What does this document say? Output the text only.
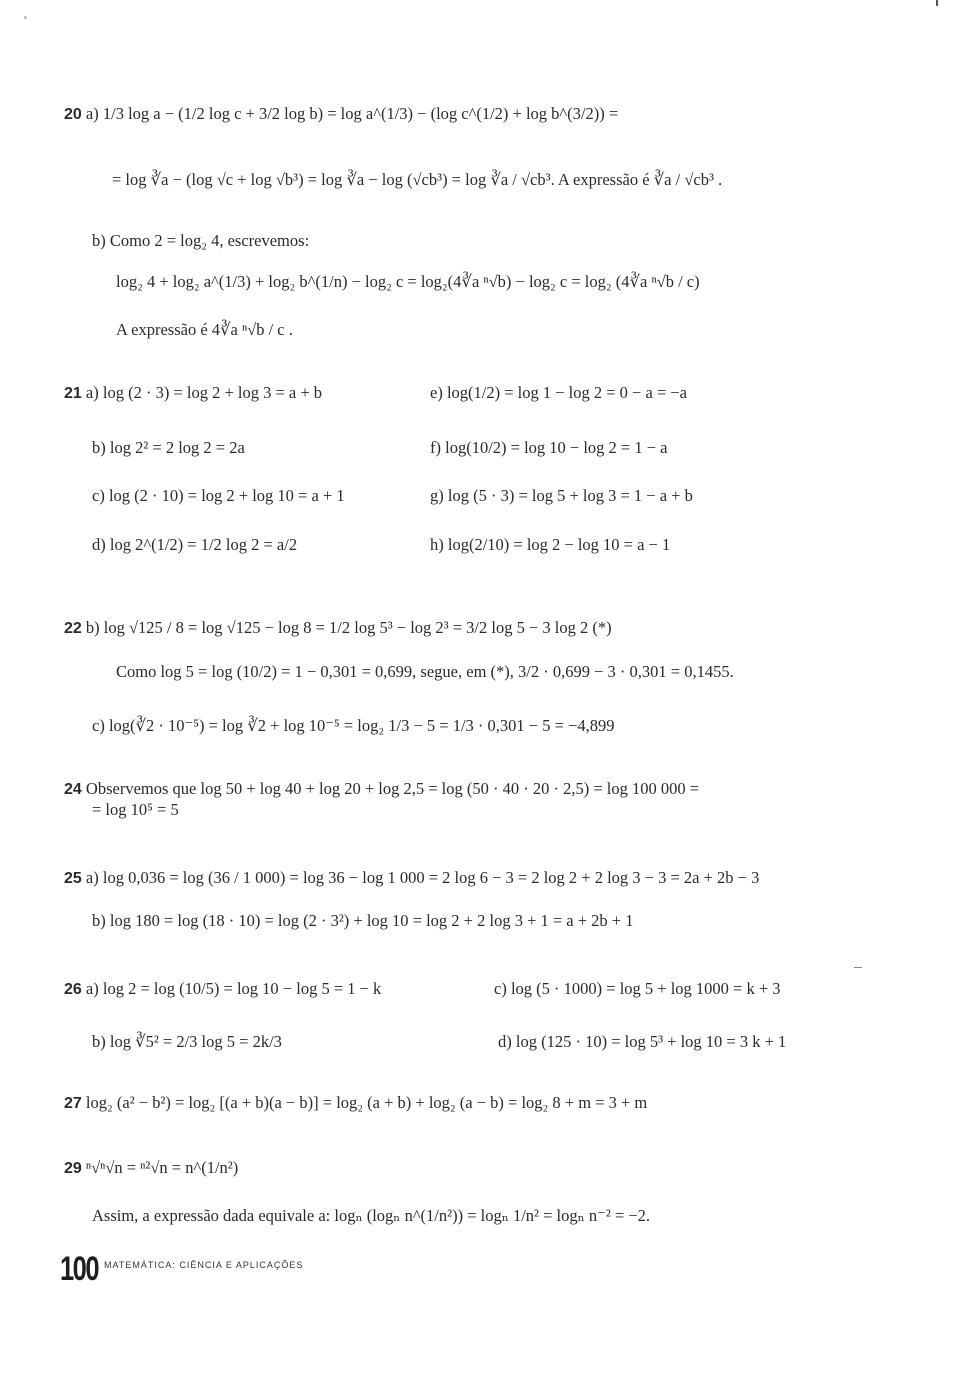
20 a) 1/3 log a − (1/2 log c + 3/2 log b) = log a^(1/3) − (log c^(1/2) + log b^(3/2)) =
= log ∛a − (log √c + log √b³) = log ∛a − log (√cb³) = log ∛a / √cb³. A expressão é ∛a / √cb³ .
b) Como 2 = log₂ 4, escrevemos:
log₂ 4 + log₂ a^(1/3) + log₂ b^(1/n) − log₂ c = log₂(4∛a ⁿ√b) − log₂ c = log₂ (4∛a ⁿ√b / c)
A expressão é 4∛a ⁿ√b / c .
21 a) log (2 · 3) = log 2 + log 3 = a + b	e) log(1/2) = log 1 − log 2 = 0 − a = −a
b) log 2² = 2 log 2 = 2a	f) log(10/2) = log 10 − log 2 = 1 − a
c) log (2 · 10) = log 2 + log 10 = a + 1	g) log (5 · 3) = log 5 + log 3 = 1 − a + b
d) log 2^(1/2) = 1/2 log 2 = a/2	h) log(2/10) = log 2 − log 10 = a − 1
22 b) log √125 / 8 = log √125 − log 8 = 1/2 log 5³ − log 2³ = 3/2 log 5 − 3 log 2 (*)
Como log 5 = log (10/2) = 1 − 0,301 = 0,699, segue, em (*), 3/2 · 0,699 − 3 · 0,301 = 0,1455.
c) log(∛2 · 10⁻⁵) = log ∛2 + log 10⁻⁵ = log₂ 1/3 − 5 = 1/3 · 0,301 − 5 = −4,899
24 Observemos que log 50 + log 40 + log 20 + log 2,5 = log (50 · 40 · 20 · 2,5) = log 100 000 =
= log 10⁵ = 5
25 a) log 0,036 = log (36 / 1 000) = log 36 − log 1 000 = 2 log 6 − 3 = 2 log 2 + 2 log 3 − 3 = 2a + 2b − 3
b) log 180 = log (18 · 10) = log (2 · 3²) + log 10 = log 2 + 2 log 3 + 1 = a + 2b + 1
26 a) log 2 = log (10/5) = log 10 − log 5 = 1 − k	c) log (5 · 1000) = log 5 + log 1000 = k + 3
b) log ∛5² = 2/3 log 5 = 2k/3	d) log (125 · 10) = log 5³ + log 10 = 3 k + 1
27 log₂ (a² − b²) = log₂ [(a + b)(a − b)] = log₂ (a + b) + log₂ (a − b) = log₂ 8 + m = 3 + m
29 ⁿ√ⁿ√n = ⁿ²√n = n^(1/n²)
Assim, a expressão dada equivale a: logₙ (logₙ n^(1/n²)) = logₙ 1/n² = logₙ n⁻² = −2.
100 MATEMÁTICA: CIÊNCIA E APLICAÇÕES
